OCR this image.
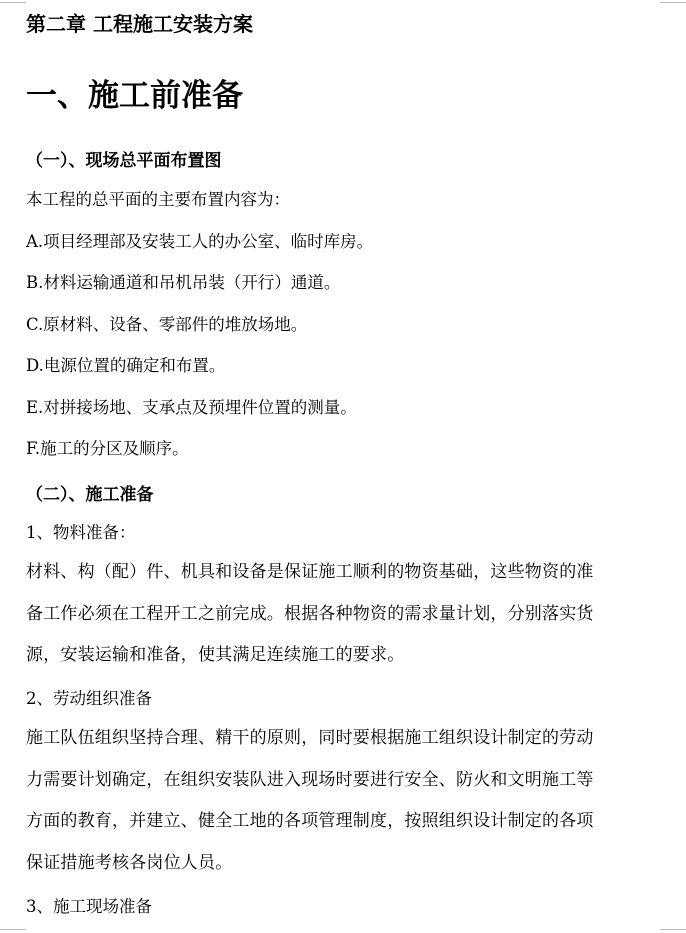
第二章 工程施工安装方案
一、施工前准备
（一）、现场总平面布置图
本工程的总平面的主要布置内容为：
A.项目经理部及安装工人的办公室、临时库房。
B.材料运输通道和吊机吊装（开行）通道。
C.原材料、设备、零部件的堆放场地。
D.电源位置的确定和布置。
E.对拼接场地、支承点及预埋件位置的测量。
F.施工的分区及顺序。
（二）、施工准备
1、物料准备：
材料、构（配）件、机具和设备是保证施工顺利的物资基础，这些物资的准
备工作必须在工程开工之前完成。根据各种物资的需求量计划，分别落实货
源，安装运输和准备，使其满足连续施工的要求。
2、劳动组织准备
施工队伍组织坚持合理、精干的原则，同时要根据施工组织设计制定的劳动
力需要计划确定，在组织安装队进入现场时要进行安全、防火和文明施工等
方面的教育，并建立、健全工地的各项管理制度，按照组织设计制定的各项
保证措施考核各岗位人员。
3、施工现场准备
